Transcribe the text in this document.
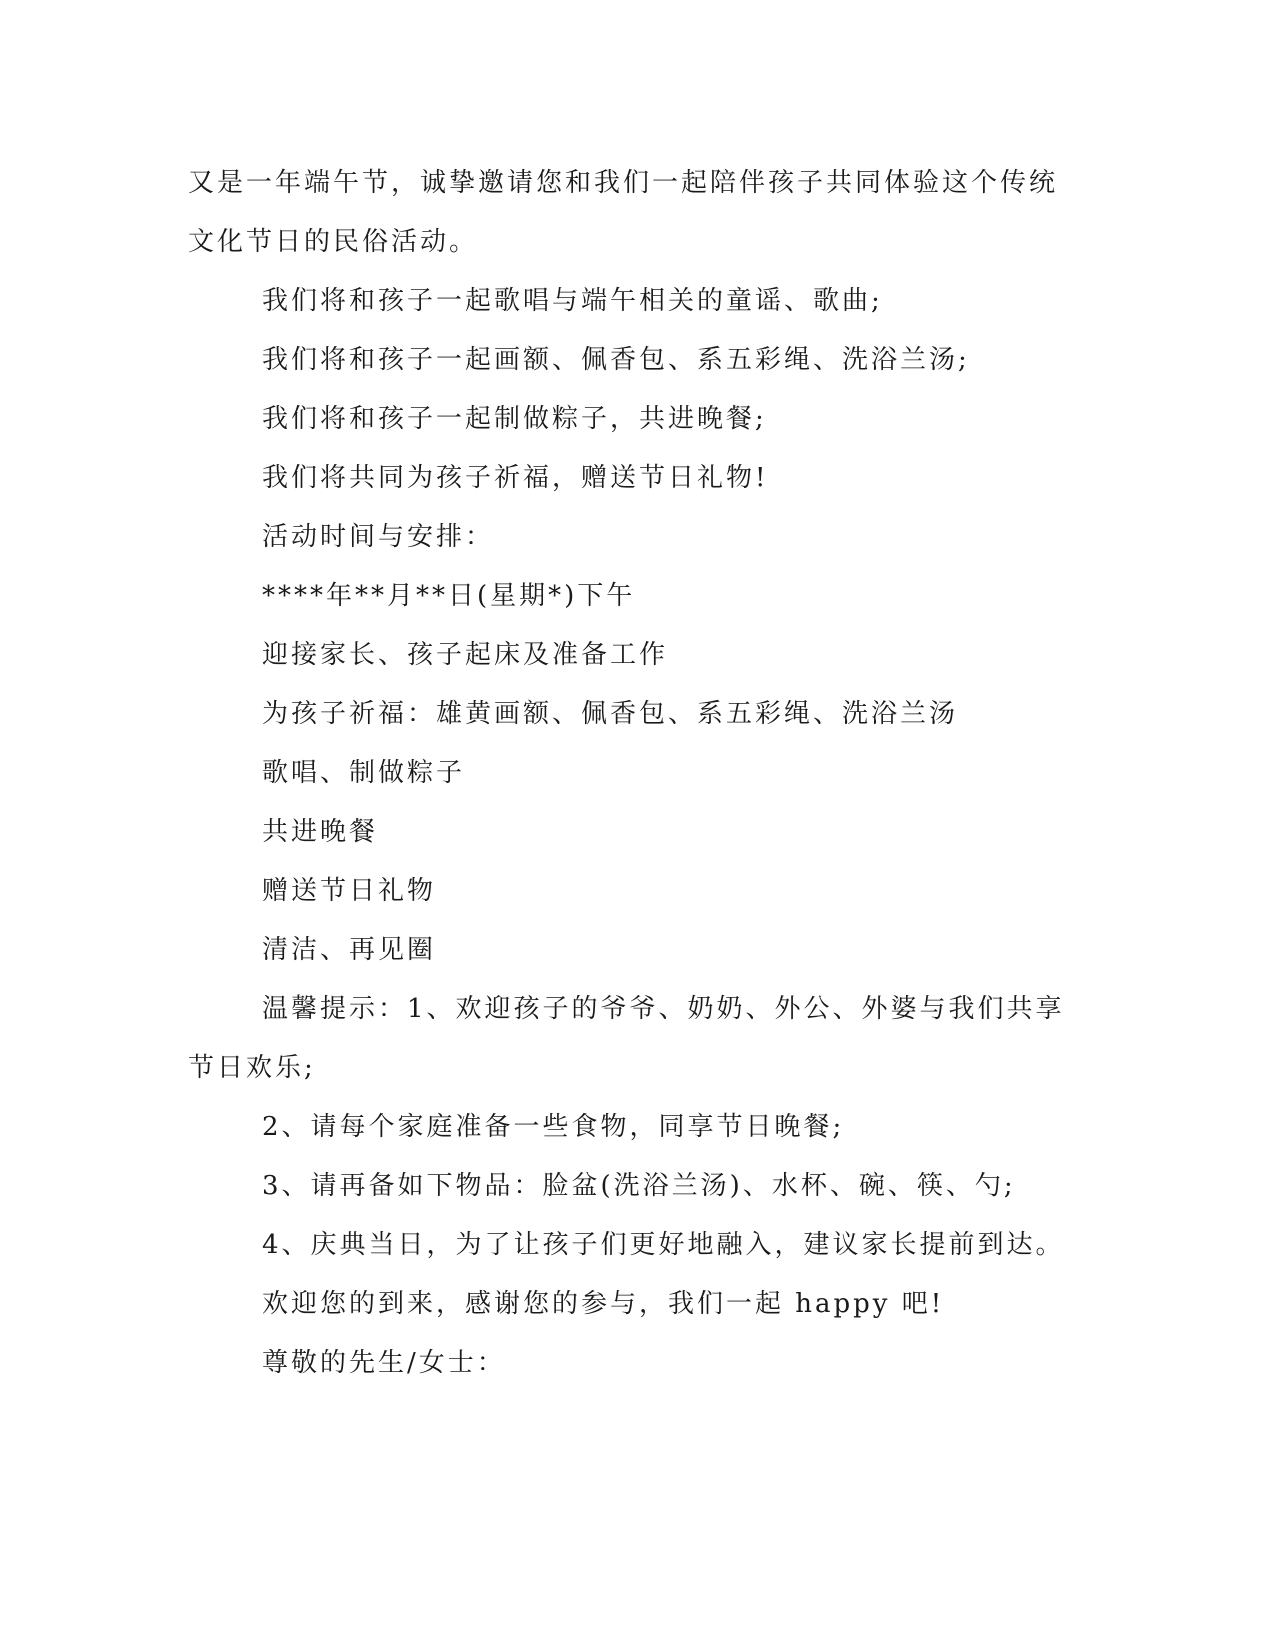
又是一年端午节，诚挚邀请您和我们一起陪伴孩子共同体验这个传统
文化节日的民俗活动。
我们将和孩子一起歌唱与端午相关的童谣、歌曲;
我们将和孩子一起画额、佩香包、系五彩绳、洗浴兰汤;
我们将和孩子一起制做粽子，共进晚餐;
我们将共同为孩子祈福，赠送节日礼物!
活动时间与安排：
****年**月**日(星期*)下午
迎接家长、孩子起床及准备工作
为孩子祈福：雄黄画额、佩香包、系五彩绳、洗浴兰汤
歌唱、制做粽子
共进晚餐
赠送节日礼物
清洁、再见圈
温馨提示：1、欢迎孩子的爷爷、奶奶、外公、外婆与我们共享
节日欢乐;
2、请每个家庭准备一些食物，同享节日晚餐;
3、请再备如下物品：脸盆(洗浴兰汤)、水杯、碗、筷、勺;
4、庆典当日，为了让孩子们更好地融入，建议家长提前到达。
欢迎您的到来，感谢您的参与，我们一起 happy 吧!
尊敬的先生/女士：
